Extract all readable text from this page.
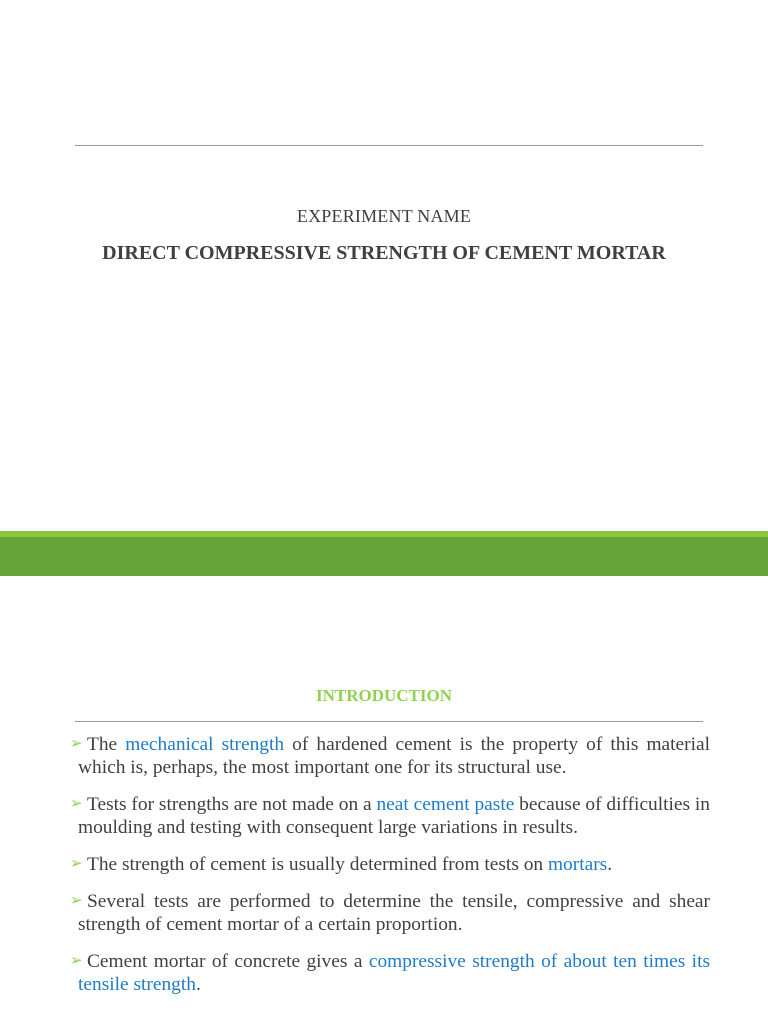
EXPERIMENT NAME
DIRECT COMPRESSIVE STRENGTH OF CEMENT MORTAR
INTRODUCTION
➢ The mechanical strength of hardened cement is the property of this material which is, perhaps, the most important one for its structural use.
➢ Tests for strengths are not made on a neat cement paste because of difficulties in moulding and testing with consequent large variations in results.
➢ The strength of cement is usually determined from tests on mortars.
➢ Several tests are performed to determine the tensile, compressive and shear strength of cement mortar of a certain proportion.
➢ Cement mortar of concrete gives a compressive strength of about ten times its tensile strength.
